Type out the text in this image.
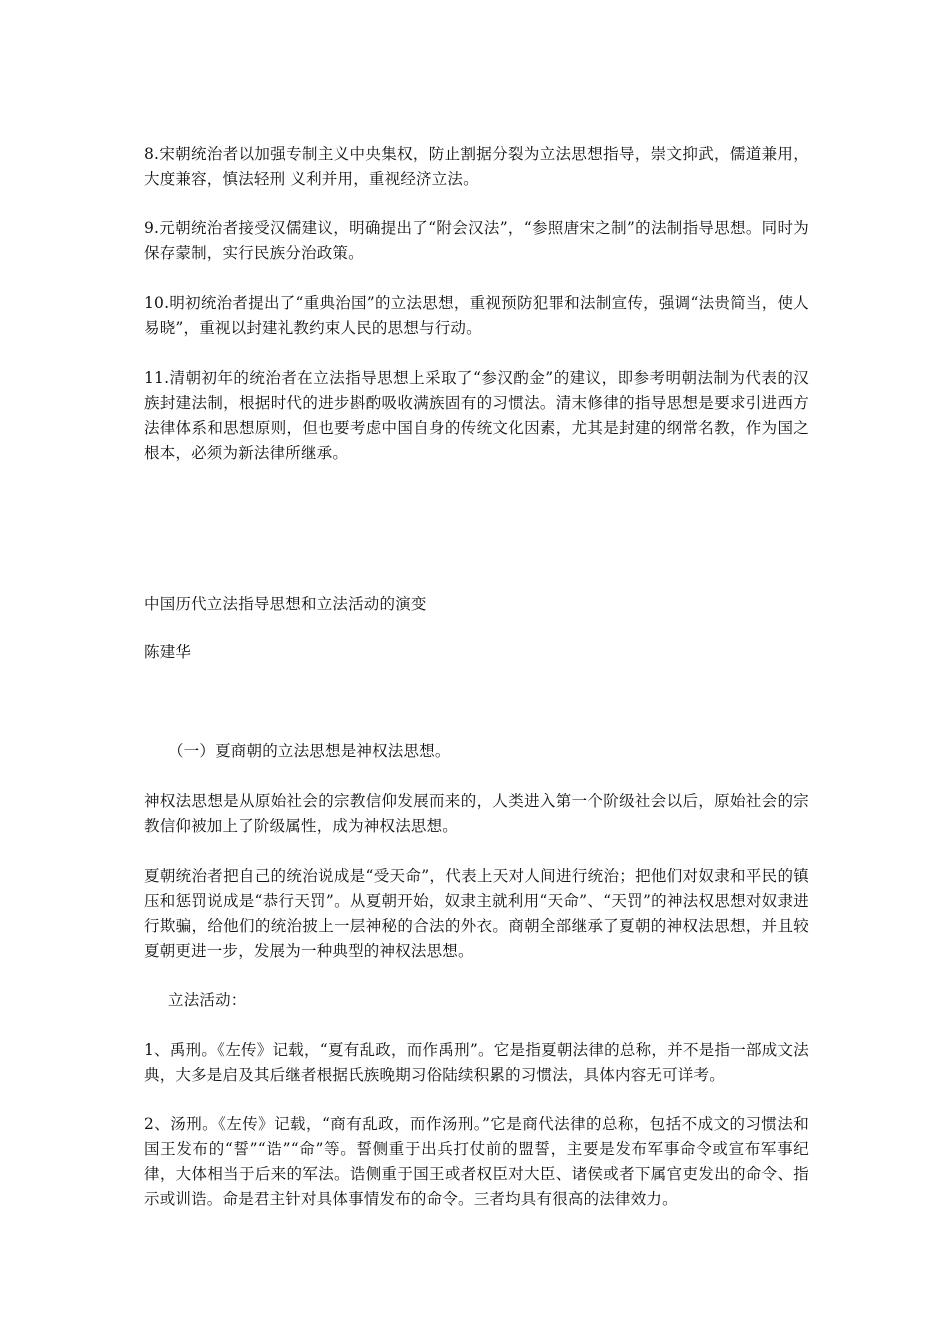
8.宋朝统治者以加强专制主义中央集权，防止割据分裂为立法思想指导，崇文抑武，儒道兼用，大度兼容，慎法轻刑 义利并用，重视经济立法。

9.元朝统治者接受汉儒建议，明确提出了“附会汉法”，“参照唐宋之制”的法制指导思想。同时为保存蒙制，实行民族分治政策。

10.明初统治者提出了“重典治国”的立法思想，重视预防犯罪和法制宣传，强调“法贵简当，使人易晓”，重视以封建礼教约束人民的思想与行动。

11.清朝初年的统治者在立法指导思想上采取了“参汉酌金”的建议，即参考明朝法制为代表的汉族封建法制，根据时代的进步斟酌吸收满族固有的习惯法。清末修律的指导思想是要求引进西方法律体系和思想原则，但也要考虑中国自身的传统文化因素，尤其是封建的纲常名教，作为国之根本，必须为新法律所继承。

中国历代立法指导思想和立法活动的演变

陈建华

（一）夏商朝的立法思想是神权法思想。

神权法思想是从原始社会的宗教信仰发展而来的，人类进入第一个阶级社会以后，原始社会的宗教信仰被加上了阶级属性，成为神权法思想。

夏朝统治者把自己的统治说成是“受天命”，代表上天对人间进行统治；把他们对奴隶和平民的镇压和惩罚说成是“恭行天罚”。从夏朝开始，奴隶主就利用“天命”、“天罚”的神法权思想对奴隶进行欺骗，给他们的统治披上一层神秘的合法的外衣。商朝全部继承了夏朝的神权法思想，并且较夏朝更进一步，发展为一种典型的神权法思想。

立法活动：

1、禹刑。《左传》记载，“夏有乱政，而作禹刑”。它是指夏朝法律的总称，并不是指一部成文法典，大多是启及其后继者根据氏族晚期习俗陆续积累的习惯法，具体内容无可详考。

2、汤刑。《左传》记载，“商有乱政，而作汤刑。”它是商代法律的总称，包括不成文的习惯法和国王发布的“誓”“诰”“命”等。誓侧重于出兵打仗前的盟誓，主要是发布军事命令或宣布军事纪律，大体相当于后来的军法。诰侧重于国王或者权臣对大臣、诸侯或者下属官吏发出的命令、指示或训诰。命是君主针对具体事情发布的命令。三者均具有很高的法律效力。
